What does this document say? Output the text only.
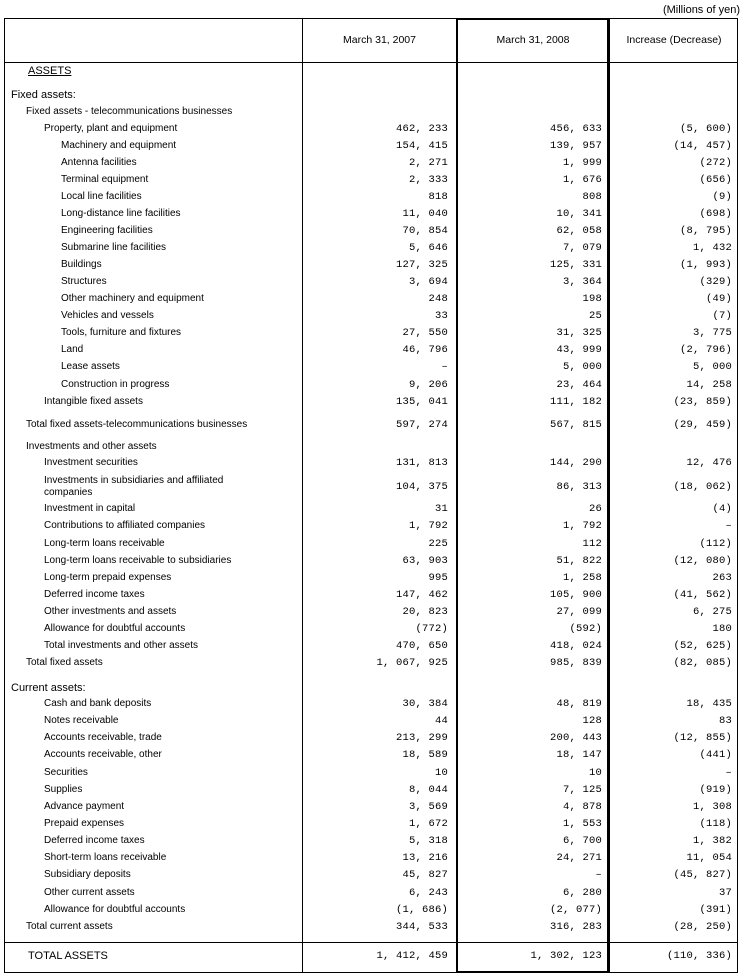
(Millions of yen)
March 31, 2007	March 31, 2008	Increase (Decrease)
ASSETS
Fixed assets:
Fixed assets - telecommunications businesses
Property, plant and equipment	462, 233	456, 633	(5, 600)
Machinery and equipment	154, 415	139, 957	(14, 457)
Antenna facilities	2, 271	1, 999	(272)
Terminal equipment	2, 333	1, 676	(656)
Local line facilities	818	808	(9)
Long-distance line facilities	11, 040	10, 341	(698)
Engineering facilities	70, 854	62, 058	(8, 795)
Submarine line facilities	5, 646	7, 079	1, 432
Buildings	127, 325	125, 331	(1, 993)
Structures	3, 694	3, 364	(329)
Other machinery and equipment	248	198	(49)
Vehicles and vessels	33	25	(7)
Tools, furniture and fixtures	27, 550	31, 325	3, 775
Land	46, 796	43, 999	(2, 796)
Lease assets	–	5, 000	5, 000
Construction in progress	9, 206	23, 464	14, 258
Intangible fixed assets	135, 041	111, 182	(23, 859)
Total fixed assets-telecommunications businesses	597, 274	567, 815	(29, 459)
Investments and other assets
Investment securities	131, 813	144, 290	12, 476
Investments in subsidiaries and affiliated
companies	104, 375	86, 313	(18, 062)
Investment in capital	31	26	(4)
Contributions to affiliated companies	1, 792	1, 792	–
Long-term loans receivable	225	112	(112)
Long-term loans receivable to subsidiaries	63, 903	51, 822	(12, 080)
Long-term prepaid expenses	995	1, 258	263
Deferred income taxes	147, 462	105, 900	(41, 562)
Other investments and assets	20, 823	27, 099	6, 275
Allowance for doubtful accounts	(772)	(592)	180
Total investments and other assets	470, 650	418, 024	(52, 625)
Total fixed assets	1, 067, 925	985, 839	(82, 085)
Current assets:
Cash and bank deposits	30, 384	48, 819	18, 435
Notes receivable	44	128	83
Accounts receivable, trade	213, 299	200, 443	(12, 855)
Accounts receivable, other	18, 589	18, 147	(441)
Securities	10	10	–
Supplies	8, 044	7, 125	(919)
Advance payment	3, 569	4, 878	1, 308
Prepaid expenses	1, 672	1, 553	(118)
Deferred income taxes	5, 318	6, 700	1, 382
Short-term loans receivable	13, 216	24, 271	11, 054
Subsidiary deposits	45, 827	–	(45, 827)
Other current assets	6, 243	6, 280	37
Allowance for doubtful accounts	(1, 686)	(2, 077)	(391)
Total current assets	344, 533	316, 283	(28, 250)
TOTAL ASSETS	1, 412, 459	1, 302, 123	(110, 336)
